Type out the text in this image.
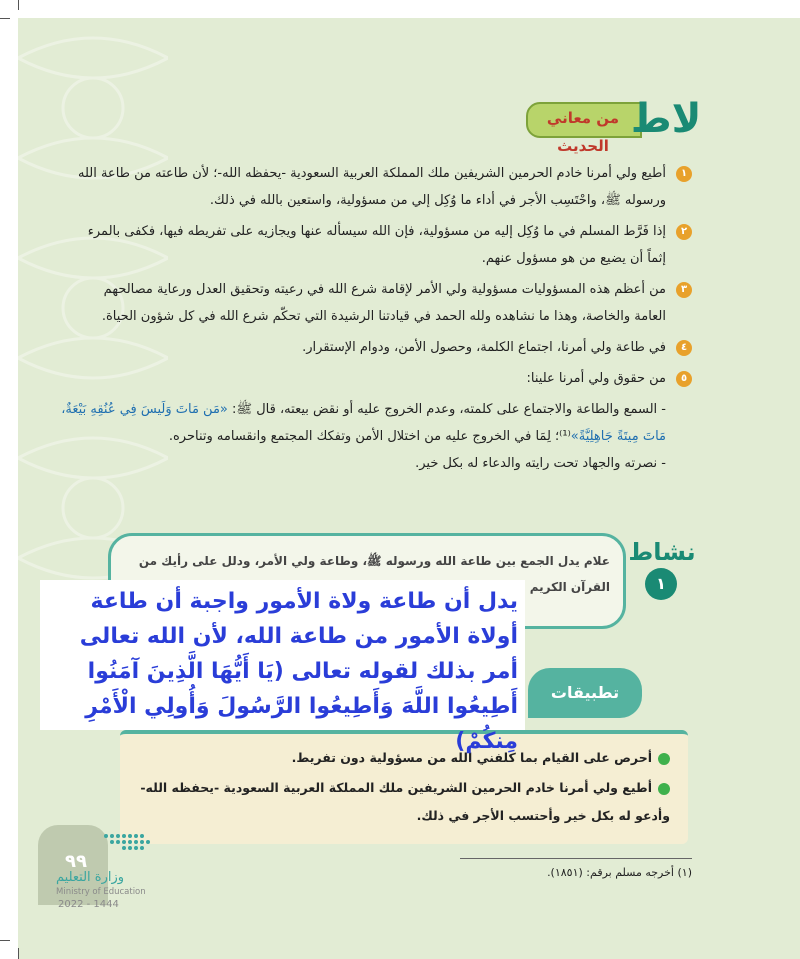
من معاني الحديث
ﻻﻃ
١
أطيع ولي أمرنا خادم الحرمين الشريفين ملك المملكة العربية السعودية -يحفظه الله-؛ لأن طاعته من طاعة الله
ورسوله ﷺ، واحْتَسِب الأجر في أداء ما وُكِل إلي من مسؤولية، واستعين بالله في ذلك.
٢
إذا فَرَّط المسلم في ما وُكِل إليه من مسؤولية، فإن الله سيسأله عنها ويجازيه على تفريطه فيها، فكفى بالمرء
إثماً أن يضيع من هو مسؤول عنهم.
٣
من أعظم هذه المسؤوليات مسؤولية ولي الأمر لإقامة شرع الله في رعيته وتحقيق العدل ورعاية مصالحهم
العامة والخاصة، وهذا ما نشاهده ولله الحمد في قيادتنا الرشيدة التي تحكّم شرع الله في كل شؤون الحياة.
٤
في طاعة ولي أمرنا، اجتماع الكلمة، وحصول الأمن، ودوام الإستقرار.
٥
من حقوق ولي أمرنا علينا:
- السمع والطاعة والاجتماع على كلمته، وعدم الخروج عليه أو نقض بيعته، قال ﷺ: «مَن مَاتَ وَلَيسَ فِي عُنُقِهِ بَيْعَةٌ، مَاتَ مِيتَةً جَاهِلِيَّةً»⁽¹⁾؛ لِمَا في الخروج عليه من اختلال الأمن وتفكك المجتمع وانقسامه وتناحره.
- نصرته والجهاد تحت رايته والدعاء له بكل خير.
علام يدل الجمع بين طاعة الله ورسوله ﷺ، وطاعة ولي الأمر، ودلل على رأيك من القرآن الكريم
نشاط
١
تطبيقات
أحرص على القيام بما كلفني الله من مسؤولية دون تفريط.
أطيع ولي أمرنا خادم الحرمين الشريفين ملك المملكة العربية السعودية -يحفظه الله- وأدعو له بكل خير وأحتسب الأجر في ذلك.
يدل أن طاعة ولاة الأمور واجبة أن طاعة أولاة الأمور من طاعة الله، لأن الله تعالى أمر بذلك لقوله تعالى (يَا أَيُّهَا الَّذِينَ آمَنُوا أَطِيعُوا اللَّهَ وَأَطِيعُوا الرَّسُولَ وَأُولِي الْأَمْرِ مِنكُمْ)
(١) أخرجه مسلم برقم: (١٨٥١).
٩٩
وزارة التعليم
Ministry of Education
2022 - 1444
